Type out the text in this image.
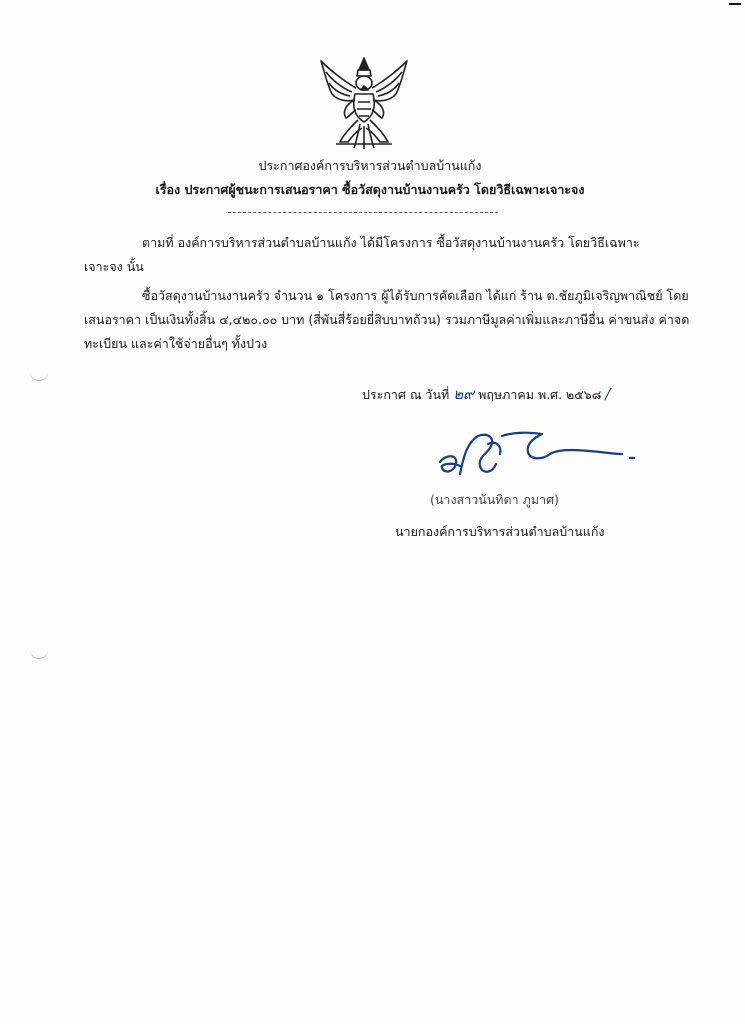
ประกาศองค์การบริหารส่วนตำบลบ้านแก้ง
เรื่อง ประกาศผู้ชนะการเสนอราคา ซื้อวัสดุงานบ้านงานครัว โดยวิธีเฉพาะเจาะจง
ตามที่ องค์การบริหารส่วนตำบลบ้านแก้ง ได้มีโครงการ ซื้อวัสดุงานบ้านงานครัว โดยวิธีเฉพาะ
เจาะจง นั้น
ซื้อวัสดุงานบ้านงานครัว จำนวน ๑ โครงการ ผู้ได้รับการคัดเลือก ได้แก่ ร้าน ต.ชัยภูมิเจริญพาณิชย์ โดย
เสนอราคา เป็นเงินทั้งสิ้น ๔,๔๒๐.๐๐ บาท (สี่พันสี่ร้อยยี่สิบบาทถ้วน) รวมภาษีมูลค่าเพิ่มและภาษีอื่น ค่าขนส่ง ค่าจด
ทะเบียน และค่าใช้จ่ายอื่นๆ ทั้งปวง
ประกาศ ณ วันที่ ๒๙ พฤษภาคม พ.ศ. ๒๕๖๘ /
(นางสาวนันทิดา ภูมาศ)
นายกองค์การบริหารส่วนตำบลบ้านแก้ง
